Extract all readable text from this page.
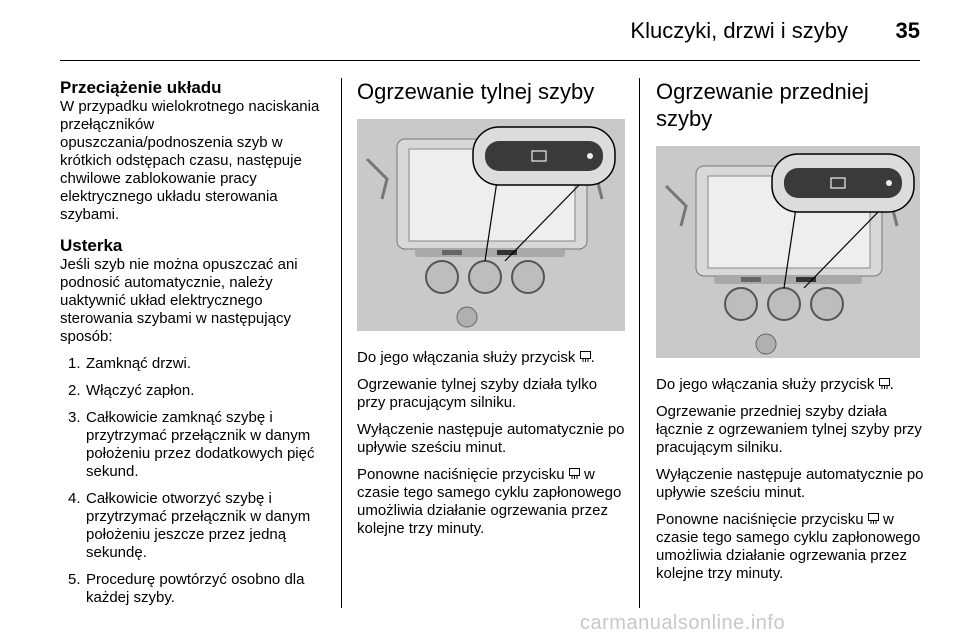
Kluczyki, drzwi i szyby 35
Przeciążenie układu

W przypadku wielokrotnego naciskania przełączników opuszczania/podnoszenia szyb w krótkich odstępach czasu, następuje chwilowe zablokowanie pracy elektrycznego układu sterowania szybami.

Usterka

Jeśli szyb nie można opuszczać ani podnosić automatycznie, należy uaktywnić układ elektrycznego sterowania szybami w następujący sposób:

1. Zamknąć drzwi.
2. Włączyć zapłon.
3. Całkowicie zamknąć szybę i przytrzymać przełącznik w danym położeniu przez dodatkowych pięć sekund.
4. Całkowicie otworzyć szybę i przytrzymać przełącznik w danym położeniu jeszcze przez jedną sekundę.
5. Procedurę powtórzyć osobno dla każdej szyby.
Ogrzewanie tylnej szyby

Do jego włączania służy przycisk .

Ogrzewanie tylnej szyby działa tylko przy pracującym silniku.

Wyłączenie następuje automatycznie po upływie sześciu minut.

Ponowne naciśnięcie przycisku w czasie tego samego cyklu zapłonowego umożliwia działanie ogrzewania przez kolejne trzy minuty.

Ogrzewanie przedniej szyby

Do jego włączania służy przycisk .

Ogrzewanie przedniej szyby działa łącznie z ogrzewaniem tylnej szyby przy pracującym silniku.

Wyłączenie następuje automatycznie po upływie sześciu minut.

Ponowne naciśnięcie przycisku w czasie tego samego cyklu zapłonowego umożliwia działanie ogrzewania przez kolejne trzy minuty.

carmanualsonline.info
